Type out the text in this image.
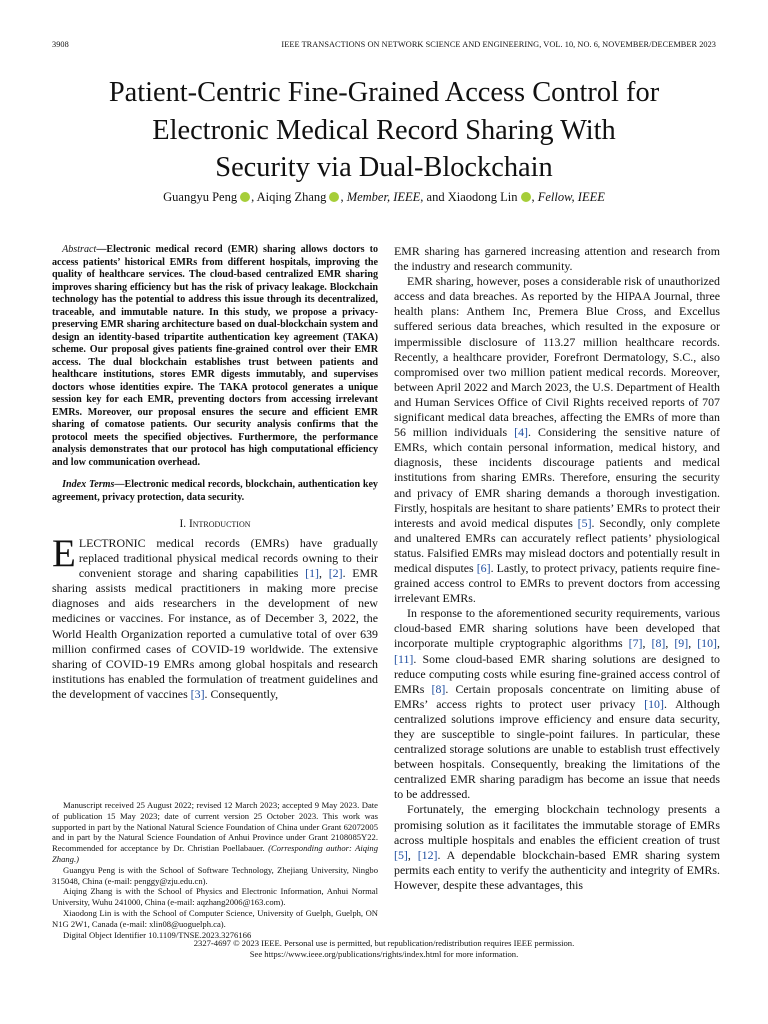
3908	IEEE TRANSACTIONS ON NETWORK SCIENCE AND ENGINEERING, VOL. 10, NO. 6, NOVEMBER/DECEMBER 2023
Patient-Centric Fine-Grained Access Control for
Electronic Medical Record Sharing With
Security via Dual-Blockchain
Guangyu Peng , Aiqing Zhang , Member, IEEE, and Xiaodong Lin , Fellow, IEEE

 Abstract—Electronic medical record (EMR) sharing allows doctors to access patients’ historical EMRs from different hospitals, improving the quality of healthcare services. The cloud-based centralized EMR sharing improves sharing efficiency but has the risk of privacy leakage. Blockchain technology has the potential to address this issue through its decentralized, traceable, and immutable nature. In this study, we propose a privacy-preserving EMR sharing architecture based on dual-blockchain system and design an identity-based tripartite authentication key agreement (TAKA) scheme. Our proposal gives patients fine-grained control over their EMR access. The dual blockchain establishes trust between patients and healthcare institutions, stores EMR digests immutably, and supervises doctors whose identities expire. The TAKA protocol generates a unique session key for each EMR, preventing doctors from accessing irrelevant EMRs. Moreover, our proposal ensures the secure and efficient EMR sharing of comatose patients. Our security analysis confirms that the protocol meets the specified objectives. Furthermore, the performance analysis demonstrates that our protocol has high computational efficiency and low communication overhead.

 Index Terms—Electronic medical records, blockchain, authentication key agreement, privacy protection, data security.

I. Introduction

ELECTRONIC medical records (EMRs) have gradually replaced traditional physical medical records owning to their convenient storage and sharing capabilities [1], [2]. EMR sharing assists medical practitioners in making more precise diagnoses and aids researchers in the development of new medicines or vaccines. For instance, as of December 3, 2022, the World Health Organization reported a cumulative total of over 639 million confirmed cases of COVID-19 worldwide. The extensive sharing of COVID-19 EMRs among global hospitals and research institutions has enabled the formulation of treatment guidelines and the development of vaccines [3]. Consequently,

Manuscript received 25 August 2022; revised 12 March 2023; accepted 9 May 2023. Date of publication 15 May 2023; date of current version 25 October 2023. This work was supported in part by the National Natural Science Foundation of China under Grant 62072005 and in part by the Natural Science Foundation of Anhui Province under Grant 2108085Y22. Recommended for acceptance by Dr. Christian Poellabauer. (Corresponding author: Aiqing Zhang.)

Guangyu Peng is with the School of Software Technology, Zhejiang University, Ningbo 315048, China (e-mail: penggy@zju.edu.cn).

Aiqing Zhang is with the School of Physics and Electronic Information, Anhui Normal University, Wuhu 241000, China (e-mail: aqzhang2006@163.com).

Xiaodong Lin is with the School of Computer Science, University of Guelph, Guelph, ON N1G 2W1, Canada (e-mail: xlin08@uoguelph.ca).

Digital Object Identifier 10.1109/TNSE.2023.3276166

EMR sharing has garnered increasing attention and research from the industry and research community.

EMR sharing, however, poses a considerable risk of unauthorized access and data breaches. As reported by the HIPAA Journal, three health plans: Anthem Inc, Premera Blue Cross, and Excellus suffered serious data breaches, which resulted in the exposure or impermissible disclosure of 113.27 million healthcare records. Recently, a healthcare provider, Forefront Dermatology, S.C., also compromised over two million patient medical records. Moreover, between April 2022 and March 2023, the U.S. Department of Health and Human Services Office of Civil Rights received reports of 707 significant medical data breaches, affecting the EMRs of more than 56 million individuals [4]. Considering the sensitive nature of EMRs, which contain personal information, medical history, and diagnosis, these incidents discourage patients and medical institutions from sharing EMRs. Therefore, ensuring the security and privacy of EMR sharing demands a thorough investigation. Firstly, hospitals are hesitant to share patients’ EMRs to protect their interests and avoid medical disputes [5]. Secondly, only complete and unaltered EMRs can accurately reflect patients’ physiological status. Falsified EMRs may mislead doctors and potentially result in medical disputes [6]. Lastly, to protect privacy, patients require fine-grained access control to EMRs to prevent doctors from accessing irrelevant EMRs.

In response to the aforementioned security requirements, various cloud-based EMR sharing solutions have been developed that incorporate multiple cryptographic algorithms [7], [8], [9], [10], [11]. Some cloud-based EMR sharing solutions are designed to reduce computing costs while esuring fine-grained access control of EMRs [8]. Certain proposals concentrate on limiting abuse of EMRs’ access rights to protect user privacy [10]. Although centralized solutions improve efficiency and ensure data security, they are susceptible to single-point failures. In particular, these centralized storage solutions are unable to establish trust effectively between hospitals. Consequently, breaking the limitations of the centralized EMR sharing paradigm has become an issue that needs to be addressed.

Fortunately, the emerging blockchain technology presents a promising solution as it facilitates the immutable storage of EMRs across multiple hospitals and enables the efficient creation of trust [5], [12]. A dependable blockchain-based EMR sharing system permits each entity to verify the authenticity and integrity of EMRs. However, despite these advantages, this

2327-4697 © 2023 IEEE. Personal use is permitted, but republication/redistribution requires IEEE permission.
See https://www.ieee.org/publications/rights/index.html for more information.
